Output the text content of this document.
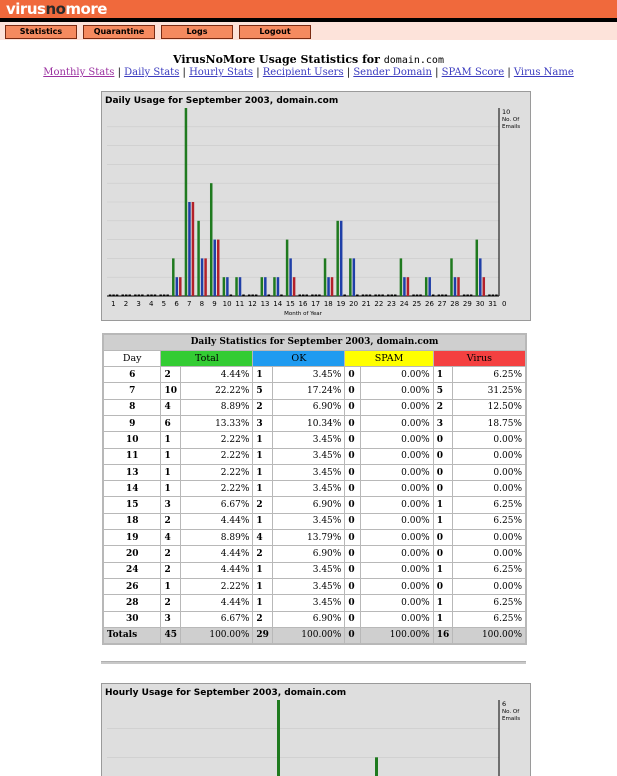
virusnomore
Statistics	Quarantine	Logs	Logout
VirusNoMore Usage Statistics for domain.com
Monthly Stats | Daily Stats | Hourly Stats | Recipient Users | Sender Domain | SPAM Score | Virus Name
Daily Usage for September 2003, domain.com
1 2 3 4 5 6 7 8 9 10 11 12 13 14 15 16 17 18 19 20 21 22 23 24 25 26 27 28 29 30 31
Month of Year
10
No. Of
Emails
0
Daily Statistics for September 2003, domain.com								
Day	Total		OK		SPAM		Virus	
6	2	4.44%	1	3.45%	0	0.00%	1	6.25%
7	10	22.22%	5	17.24%	0	0.00%	5	31.25%
8	4	8.89%	2	6.90%	0	0.00%	2	12.50%
9	6	13.33%	3	10.34%	0	0.00%	3	18.75%
10	1	2.22%	1	3.45%	0	0.00%	0	0.00%
11	1	2.22%	1	3.45%	0	0.00%	0	0.00%
13	1	2.22%	1	3.45%	0	0.00%	0	0.00%
14	1	2.22%	1	3.45%	0	0.00%	0	0.00%
15	3	6.67%	2	6.90%	0	0.00%	1	6.25%
18	2	4.44%	1	3.45%	0	0.00%	1	6.25%
19	4	8.89%	4	13.79%	0	0.00%	0	0.00%
20	2	4.44%	2	6.90%	0	0.00%	0	0.00%
24	2	4.44%	1	3.45%	0	0.00%	1	6.25%
26	1	2.22%	1	3.45%	0	0.00%	0	0.00%
28	2	4.44%	1	3.45%	0	0.00%	1	6.25%
30	3	6.67%	2	6.90%	0	0.00%	1	6.25%
Totals	45	100.00%	29	100.00%	0	100.00%	16	100.00%
Hourly Usage for September 2003, domain.com
6
No. Of
Emails
